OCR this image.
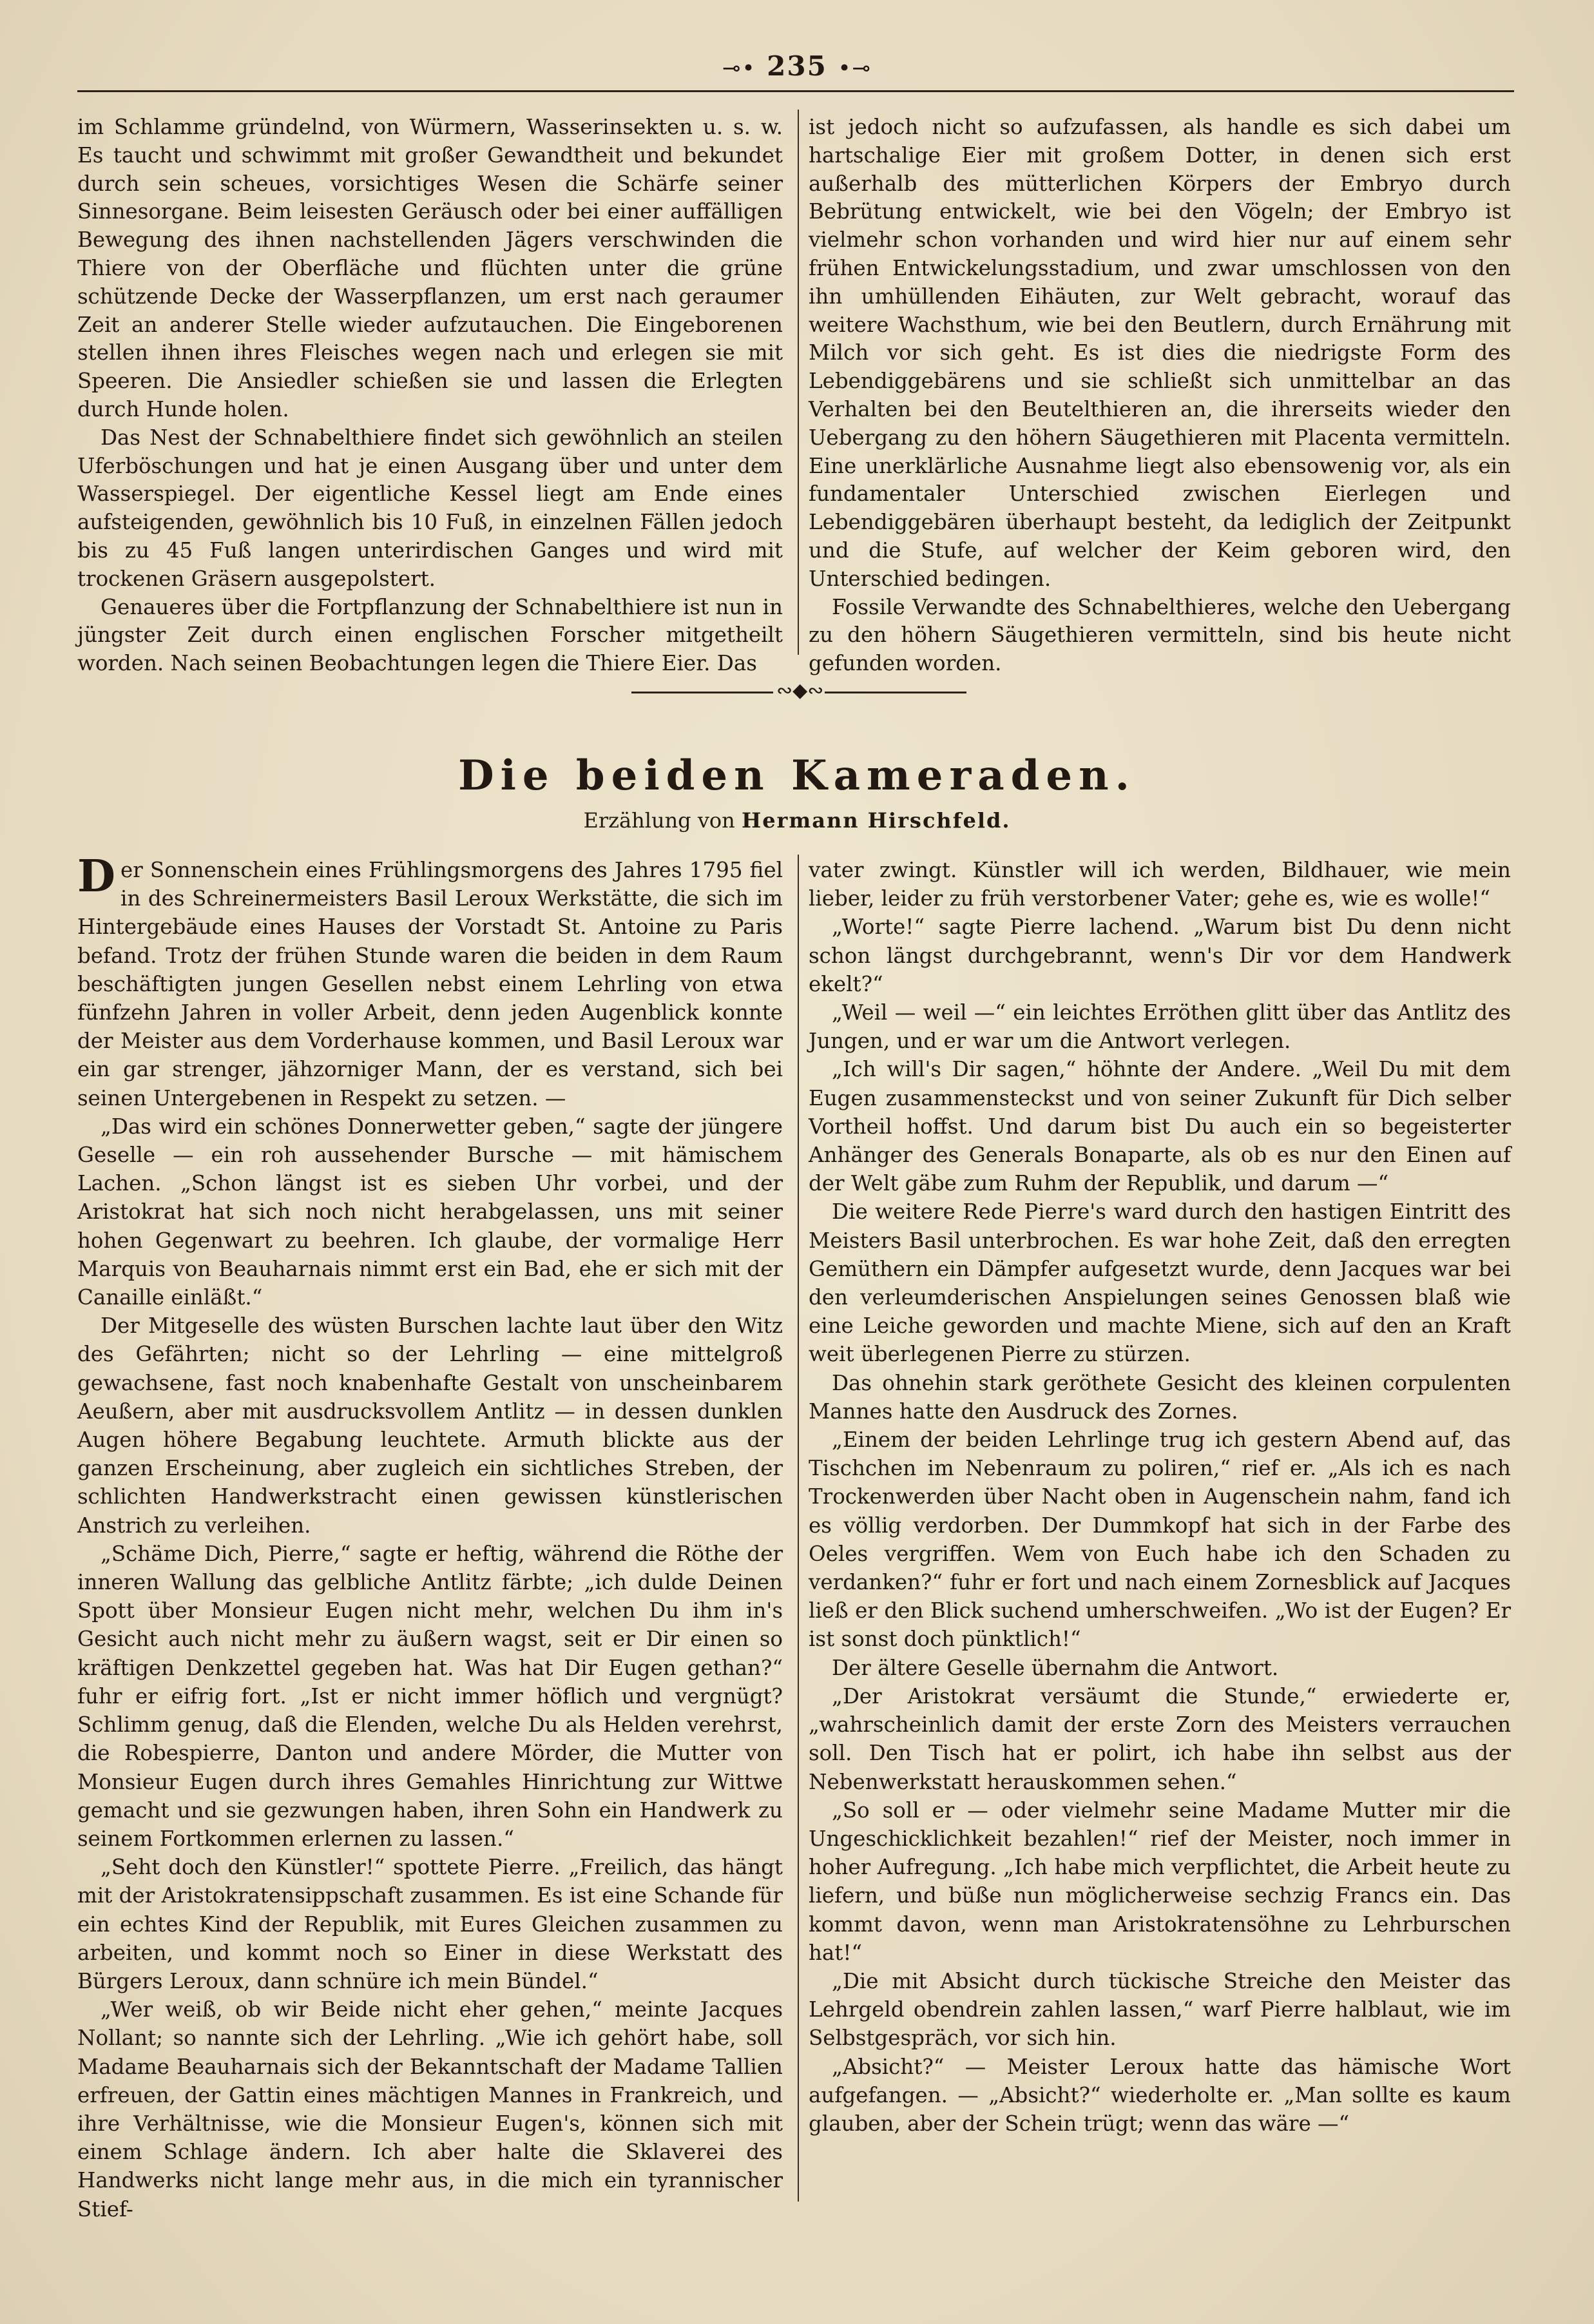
⊸• 235 •⊸

im Schlamme gründelnd, von Würmern, Wasserinsekten u. s. w. Es taucht und schwimmt mit großer Gewandtheit und bekundet durch sein scheues, vorsichtiges Wesen die Schärfe seiner Sinnesorgane. Beim leisesten Geräusch oder bei einer auffälligen Bewegung des ihnen nachstellenden Jägers verschwinden die Thiere von der Oberfläche und flüchten unter die grüne schützende Decke der Wasserpflanzen, um erst nach geraumer Zeit an anderer Stelle wieder aufzutauchen. Die Eingeborenen stellen ihnen ihres Fleisches wegen nach und erlegen sie mit Speeren. Die Ansiedler schießen sie und lassen die Erlegten durch Hunde holen.

Das Nest der Schnabelthiere findet sich gewöhnlich an steilen Uferböschungen und hat je einen Ausgang über und unter dem Wasserspiegel. Der eigentliche Kessel liegt am Ende eines aufsteigenden, gewöhnlich bis 10 Fuß, in einzelnen Fällen jedoch bis zu 45 Fuß langen unterirdischen Ganges und wird mit trockenen Gräsern ausgepolstert.

Genaueres über die Fortpflanzung der Schnabelthiere ist nun in jüngster Zeit durch einen englischen Forscher mitgetheilt worden. Nach seinen Beobachtungen legen die Thiere Eier. Das

ist jedoch nicht so aufzufassen, als handle es sich dabei um hartschalige Eier mit großem Dotter, in denen sich erst außerhalb des mütterlichen Körpers der Embryo durch Bebrütung entwickelt, wie bei den Vögeln; der Embryo ist vielmehr schon vorhanden und wird hier nur auf einem sehr frühen Entwickelungsstadium, und zwar umschlossen von den ihn umhüllenden Eihäuten, zur Welt gebracht, worauf das weitere Wachsthum, wie bei den Beutlern, durch Ernährung mit Milch vor sich geht. Es ist dies die niedrigste Form des Lebendiggebärens und sie schließt sich unmittelbar an das Verhalten bei den Beutelthieren an, die ihrerseits wieder den Uebergang zu den höhern Säugethieren mit Placenta vermitteln. Eine unerklärliche Ausnahme liegt also ebensowenig vor, als ein fundamentaler Unterschied zwischen Eierlegen und Lebendiggebären überhaupt besteht, da lediglich der Zeitpunkt und die Stufe, auf welcher der Keim geboren wird, den Unterschied bedingen.

Fossile Verwandte des Schnabelthieres, welche den Uebergang zu den höhern Säugethieren vermitteln, sind bis heute nicht gefunden worden.

∾◆∾
Die beiden Kameraden.
Erzählung von Hermann Hirschfeld.

Der Sonnenschein eines Frühlingsmorgens des Jahres 1795 fiel in des Schreinermeisters Basil Leroux Werkstätte, die sich im Hintergebäude eines Hauses der Vorstadt St. Antoine zu Paris befand. Trotz der frühen Stunde waren die beiden in dem Raum beschäftigten jungen Gesellen nebst einem Lehrling von etwa fünfzehn Jahren in voller Arbeit, denn jeden Augenblick konnte der Meister aus dem Vorderhause kommen, und Basil Leroux war ein gar strenger, jähzorniger Mann, der es verstand, sich bei seinen Untergebenen in Respekt zu setzen. —

„Das wird ein schönes Donnerwetter geben,“ sagte der jüngere Geselle — ein roh aussehender Bursche — mit hämischem Lachen. „Schon längst ist es sieben Uhr vorbei, und der Aristokrat hat sich noch nicht herabgelassen, uns mit seiner hohen Gegenwart zu beehren. Ich glaube, der vormalige Herr Marquis von Beauharnais nimmt erst ein Bad, ehe er sich mit der Canaille einläßt.“

Der Mitgeselle des wüsten Burschen lachte laut über den Witz des Gefährten; nicht so der Lehrling — eine mittelgroß gewachsene, fast noch knabenhafte Gestalt von unscheinbarem Aeußern, aber mit ausdrucksvollem Antlitz — in dessen dunklen Augen höhere Begabung leuchtete. Armuth blickte aus der ganzen Erscheinung, aber zugleich ein sichtliches Streben, der schlichten Handwerkstracht einen gewissen künstlerischen Anstrich zu verleihen.

„Schäme Dich, Pierre,“ sagte er heftig, während die Röthe der inneren Wallung das gelbliche Antlitz färbte; „ich dulde Deinen Spott über Monsieur Eugen nicht mehr, welchen Du ihm in's Gesicht auch nicht mehr zu äußern wagst, seit er Dir einen so kräftigen Denkzettel gegeben hat. Was hat Dir Eugen gethan?“ fuhr er eifrig fort. „Ist er nicht immer höflich und vergnügt? Schlimm genug, daß die Elenden, welche Du als Helden verehrst, die Robespierre, Danton und andere Mörder, die Mutter von Monsieur Eugen durch ihres Gemahles Hinrichtung zur Wittwe gemacht und sie gezwungen haben, ihren Sohn ein Handwerk zu seinem Fortkommen erlernen zu lassen.“

„Seht doch den Künstler!“ spottete Pierre. „Freilich, das hängt mit der Aristokratensippschaft zusammen. Es ist eine Schande für ein echtes Kind der Republik, mit Eures Gleichen zusammen zu arbeiten, und kommt noch so Einer in diese Werkstatt des Bürgers Leroux, dann schnüre ich mein Bündel.“

„Wer weiß, ob wir Beide nicht eher gehen,“ meinte Jacques Nollant; so nannte sich der Lehrling. „Wie ich gehört habe, soll Madame Beauharnais sich der Bekanntschaft der Madame Tallien erfreuen, der Gattin eines mächtigen Mannes in Frankreich, und ihre Verhältnisse, wie die Monsieur Eugen's, können sich mit einem Schlage ändern. Ich aber halte die Sklaverei des Handwerks nicht lange mehr aus, in die mich ein tyrannischer Stief-

vater zwingt. Künstler will ich werden, Bildhauer, wie mein lieber, leider zu früh verstorbener Vater; gehe es, wie es wolle!“

„Worte!“ sagte Pierre lachend. „Warum bist Du denn nicht schon längst durchgebrannt, wenn's Dir vor dem Handwerk ekelt?“

„Weil — weil —“ ein leichtes Erröthen glitt über das Antlitz des Jungen, und er war um die Antwort verlegen.

„Ich will's Dir sagen,“ höhnte der Andere. „Weil Du mit dem Eugen zusammensteckst und von seiner Zukunft für Dich selber Vortheil hoffst. Und darum bist Du auch ein so begeisterter Anhänger des Generals Bonaparte, als ob es nur den Einen auf der Welt gäbe zum Ruhm der Republik, und darum —“

Die weitere Rede Pierre's ward durch den hastigen Eintritt des Meisters Basil unterbrochen. Es war hohe Zeit, daß den erregten Gemüthern ein Dämpfer aufgesetzt wurde, denn Jacques war bei den verleumderischen Anspielungen seines Genossen blaß wie eine Leiche geworden und machte Miene, sich auf den an Kraft weit überlegenen Pierre zu stürzen.

Das ohnehin stark geröthete Gesicht des kleinen corpulenten Mannes hatte den Ausdruck des Zornes.

„Einem der beiden Lehrlinge trug ich gestern Abend auf, das Tischchen im Nebenraum zu poliren,“ rief er. „Als ich es nach Trockenwerden über Nacht oben in Augenschein nahm, fand ich es völlig verdorben. Der Dummkopf hat sich in der Farbe des Oeles vergriffen. Wem von Euch habe ich den Schaden zu verdanken?“ fuhr er fort und nach einem Zornesblick auf Jacques ließ er den Blick suchend umherschweifen. „Wo ist der Eugen? Er ist sonst doch pünktlich!“

Der ältere Geselle übernahm die Antwort.

„Der Aristokrat versäumt die Stunde,“ erwiederte er, „wahrscheinlich damit der erste Zorn des Meisters verrauchen soll. Den Tisch hat er polirt, ich habe ihn selbst aus der Nebenwerkstatt herauskommen sehen.“

„So soll er — oder vielmehr seine Madame Mutter mir die Ungeschicklichkeit bezahlen!“ rief der Meister, noch immer in hoher Aufregung. „Ich habe mich verpflichtet, die Arbeit heute zu liefern, und büße nun möglicherweise sechzig Francs ein. Das kommt davon, wenn man Aristokratensöhne zu Lehrburschen hat!“

„Die mit Absicht durch tückische Streiche den Meister das Lehrgeld obendrein zahlen lassen,“ warf Pierre halblaut, wie im Selbstgespräch, vor sich hin.

„Absicht?“ — Meister Leroux hatte das hämische Wort aufgefangen. — „Absicht?“ wiederholte er. „Man sollte es kaum glauben, aber der Schein trügt; wenn das wäre —“
